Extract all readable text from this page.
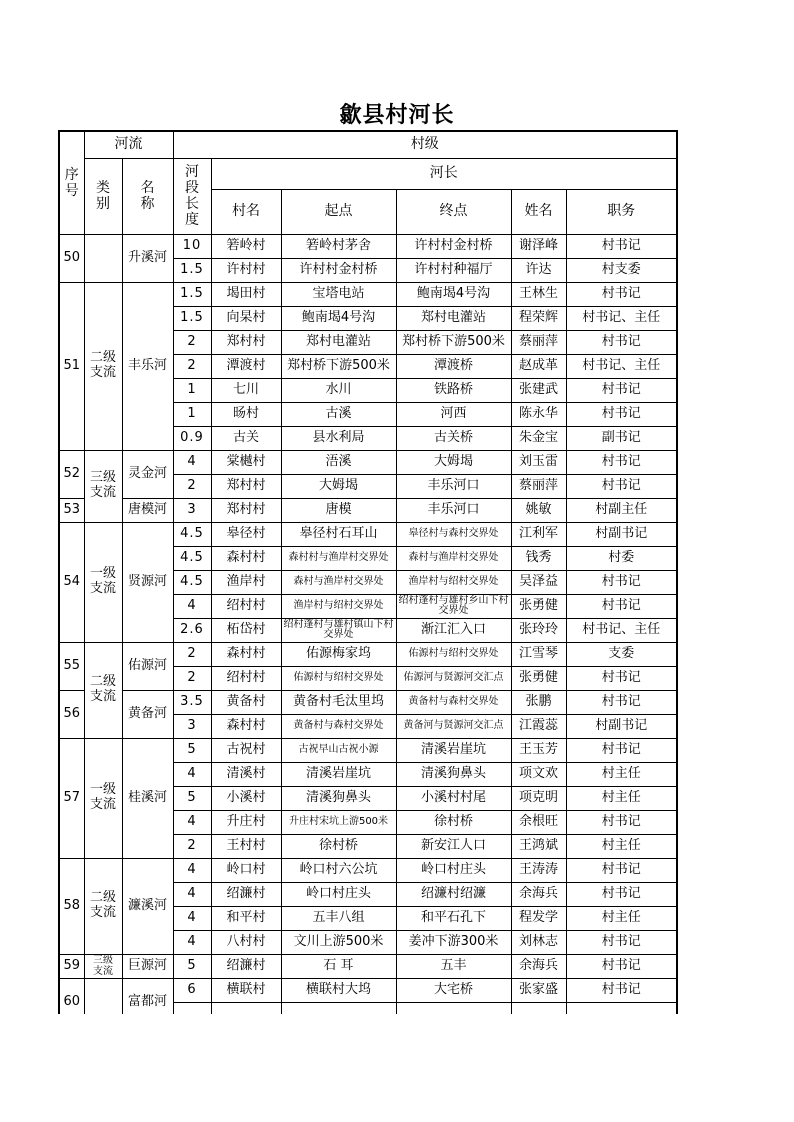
歙县村河长
序号	河流		村级					
	类别	名称	河段长度	河长				
				村名	起点	终点	姓名	职务
50		升溪河	10	箬岭村	箬岭村茅舍	许村村金村桥	谢泽峰	村书记
			1.5	许村村	许村村金村桥	许村村种福厅	许达	村支委
51	二级支流	丰乐河	1.5	堨田村	宝塔电站	鲍南堨4号沟	王林生	村书记
			1.5	向杲村	鲍南堨4号沟	郑村电灌站	程荣辉	村书记、主任
			2	郑村村	郑村电灌站	郑村桥下游500米	蔡丽萍	村书记
			2	潭渡村	郑村桥下游500米	潭渡桥	赵成革	村书记、主任
			1	七川	水川	铁路桥	张建武	村书记
			1	旸村	古溪	河西	陈永华	村书记
			0.9	古关	县水利局	古关桥	朱金宝	副书记
52	三级支流	灵金河	4	棠樾村	浯溪	大姆堨	刘玉雷	村书记
			2	郑村村	大姆堨	丰乐河口	蔡丽萍	村书记
53		唐模河	3	郑村村	唐模	丰乐河口	姚敏	村副主任
54	一级支流	贤源河	4.5	皋径村	皋径村石耳山	皋径村与森村交界处	江利军	村副书记
			4.5	森村村	森村村与渔岸村交界处	森村与渔岸村交界处	钱秀	村委
			4.5	渔岸村	森村与渔岸村交界处	渔岸村与绍村交界处	吴泽益	村书记
			4	绍村村	渔岸村与绍村交界处	绍村蓬村与雄村乡山下村交界处	张勇健	村书记
			2.6	柘岱村	绍村蓬村与雄村镇山下村交界处	渐江汇入口	张玲玲	村书记、主任
55	二级支流	佑源河	2	森村村	佑源梅家坞	佑源村与绍村交界处	江雪琴	支委
			2	绍村村	佑源村与绍村交界处	佑源河与贤源河交汇点	张勇健	村书记
56		黄备河	3.5	黄备村	黄备村毛汰里坞	黄备村与森村交界处	张鹏	村书记
			3	森村村	黄备村与森村交界处	黄备河与贤源河交汇点	江霞蕊	村副书记
57	一级支流	桂溪河	5	古祝村	古祝早山古祝小源	清溪岩崖坑	王玉芳	村书记
			4	清溪村	清溪岩崖坑	清溪狗鼻头	项文欢	村主任
			5	小溪村	清溪狗鼻头	小溪村村尾	项克明	村主任
			4	升庄村	升庄村宋坑上游500米	徐村桥	余根旺	村书记
			2	王村村	徐村桥	新安江人口	王鸿斌	村主任
58	二级支流	濂溪河	4	岭口村	岭口村六公坑	岭口村庄头	王涛涛	村书记
			4	绍濂村	岭口村庄头	绍濂村绍濂	余海兵	村书记
			4	和平村	五丰八组	和平石孔下	程发学	村主任
			4	八村村	文川上游500米	姜冲下游300米	刘林志	村书记
59	三级支流	巨源河	5	绍濂村	石 耳	五丰	余海兵	村书记
60		富都河	6	横联村	横联村大坞	大宅桥	张家盛	村书记
